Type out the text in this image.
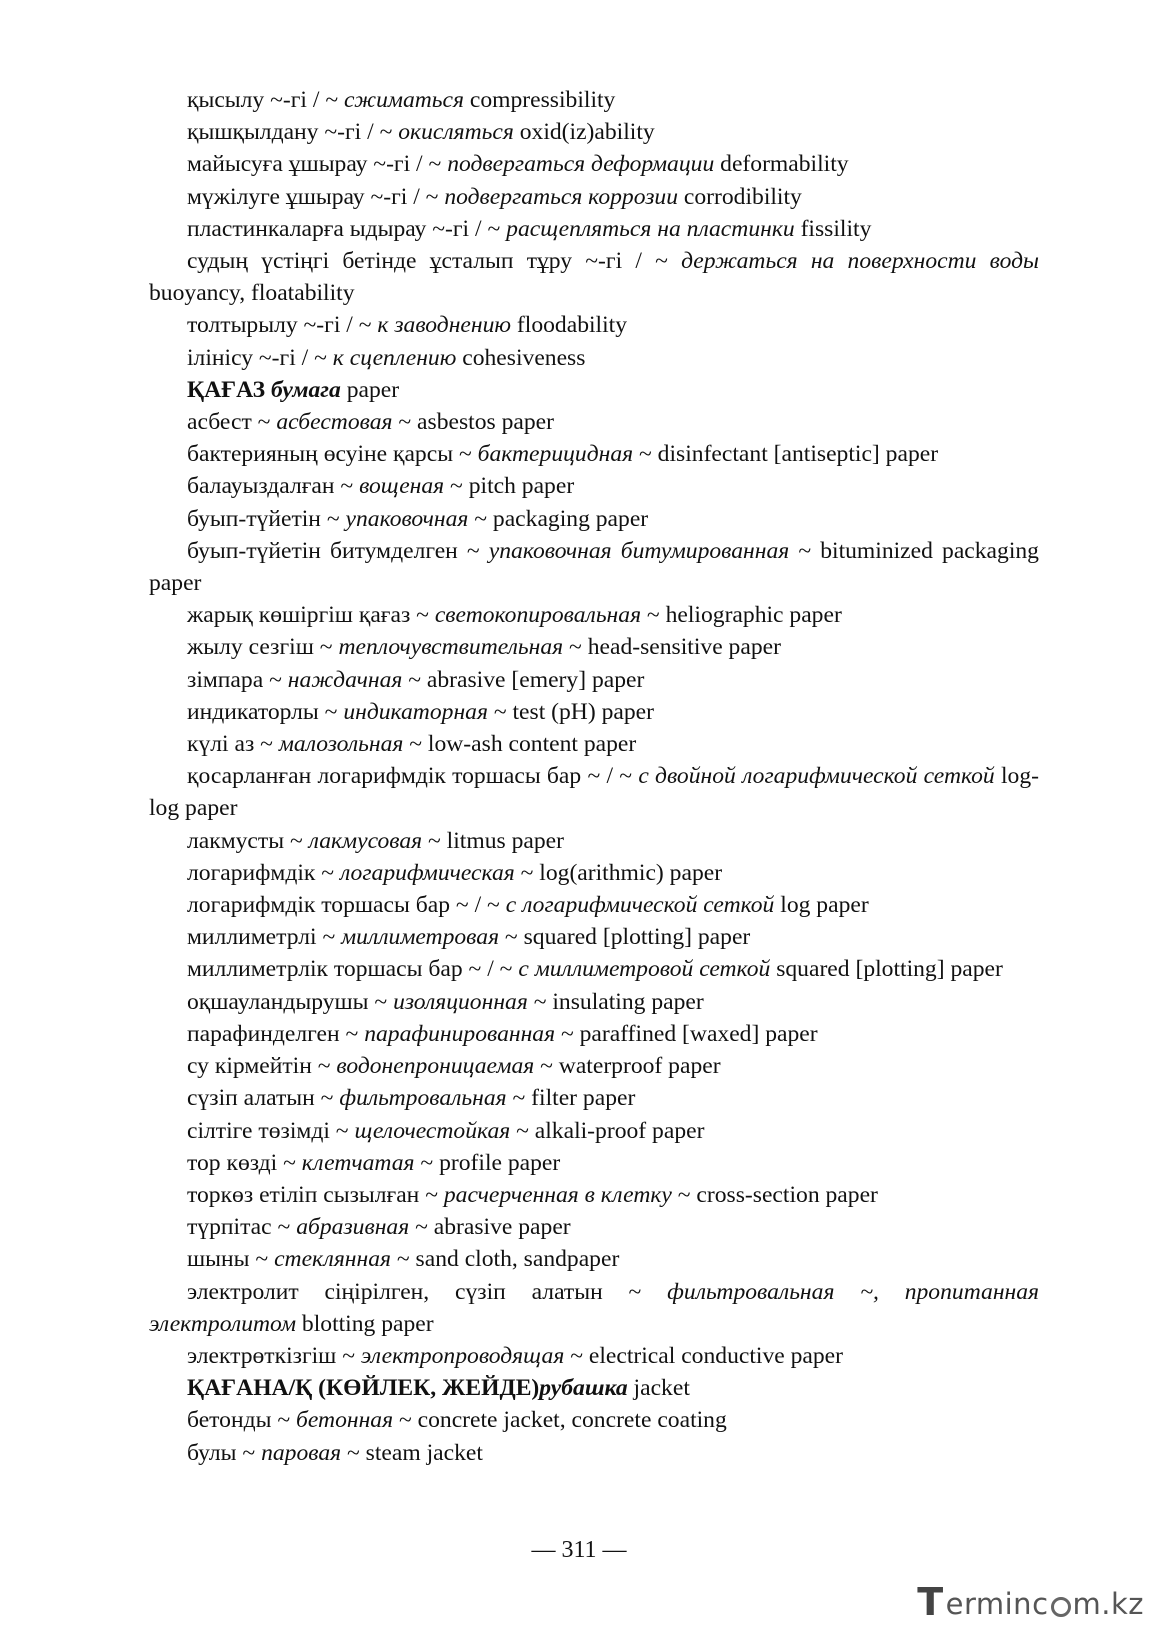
қысылу ~-гі / ~ сжиматься compressibility

қышқылдану ~-гі / ~ окисляться oxid(iz)ability

майысуға ұшырау ~-гі / ~ подвергаться деформации deformability

мүжілуге ұшырау ~-гі / ~ подвергаться коррозии corrodibility

пластинкаларға ыдырау ~-гі / ~ расщепляться на пластинки fissility

судың үстіңгі бетінде ұсталып тұру ~-гі / ~ держаться на поверхности воды buoyancy, floatability

толтырылу ~-гі / ~ к заводнению floodability

ілінісу ~-гі / ~ к сцеплению cohesiveness

ҚАҒАЗ бумага paper

асбест ~ асбестовая ~ asbestos paper

бактерияның өсуіне қарсы ~ бактерицидная ~ disinfectant [antiseptic] paper

балауыздалған ~ вощеная ~ pitch paper

буып-түйетін ~ упаковочная ~ packaging paper

буып-түйетін битумделген ~ упаковочная битумированная ~ bituminized packaging paper

жарық көшіргіш қағаз ~ светокопировальная ~ heliographic paper

жылу сезгіш ~ теплочувствительная ~ head-sensitive paper

зімпара ~ наждачная ~ abrasive [emery] paper

индикаторлы ~ индикаторная ~ test (pH) paper

күлі аз ~ малозольная ~ low-ash content paper

қосарланған логарифмдік торшасы бар ~ / ~ с двойной логарифмической сеткой log-log paper

лакмусты ~ лакмусовая ~ litmus paper

логарифмдік ~ логарифмическая ~ log(arithmic) paper

логарифмдік торшасы бар ~ / ~ с логарифмической сеткой log paper

миллиметрлі ~ миллиметровая ~ squared [plotting] paper

миллиметрлік торшасы бар ~ / ~ с миллиметровой сеткой squared [plotting] paper

оқшауландырушы ~ изоляционная ~ insulating paper

парафинделген ~ парафинированная ~ paraffined [waxed] paper

су кірмейтін ~ водонепроницаемая ~ waterproof paper

сүзіп алатын ~ фильтровальная ~ filter paper

сілтіге төзімді ~ щелочестойкая ~ alkali-proof paper

тор көзді ~ клетчатая ~ profile paper

торкөз етіліп сызылған ~ расчерченная в клетку ~ cross-section paper

түрпітас ~ абразивная ~ abrasive paper

шыны ~ стеклянная ~ sand cloth, sandpaper

электролит сіңірілген, сүзіп алатын ~ фильтровальная ~, пропитанная электролитом blotting paper

электрөткізгіш ~ электропроводящая ~ electrical conductive paper

ҚАҒАНА/Қ (КӨЙЛЕК, ЖЕЙДЕ)рубашка jacket

бетонды ~ бетонная ~ concrete jacket, concrete coating

булы ~ паровая ~ steam jacket

— 311 —
T erminc m.kz
